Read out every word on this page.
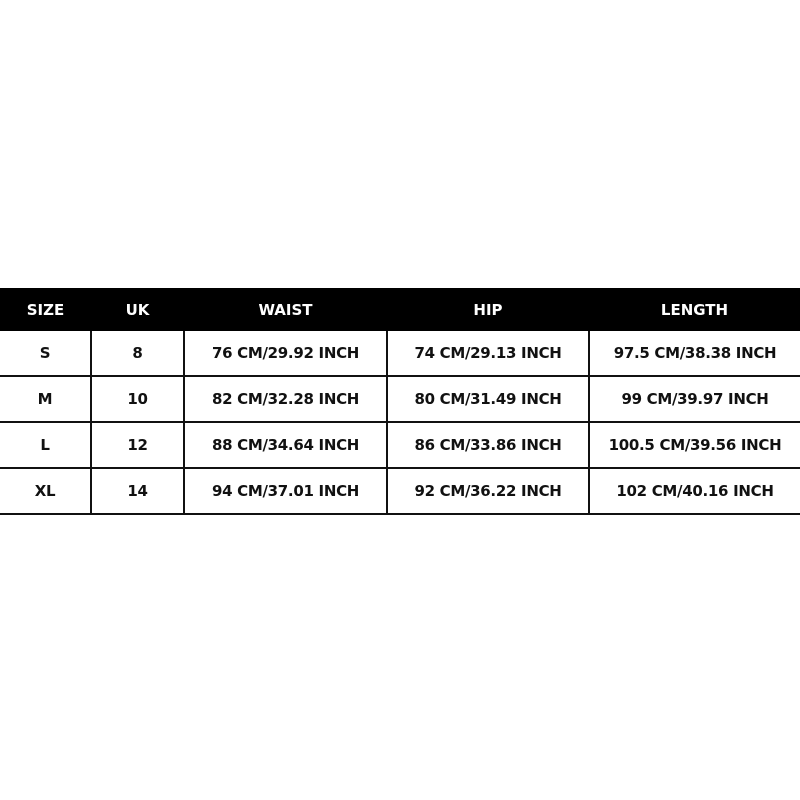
SIZE	UK	WAIST	HIP	LENGTH
S	8	76 CM/29.92 INCH	74 CM/29.13 INCH	97.5 CM/38.38 INCH
M	10	82 CM/32.28 INCH	80 CM/31.49 INCH	99 CM/39.97 INCH
L	12	88 CM/34.64 INCH	86 CM/33.86 INCH	100.5 CM/39.56 INCH
XL	14	94 CM/37.01 INCH	92 CM/36.22 INCH	102 CM/40.16 INCH
